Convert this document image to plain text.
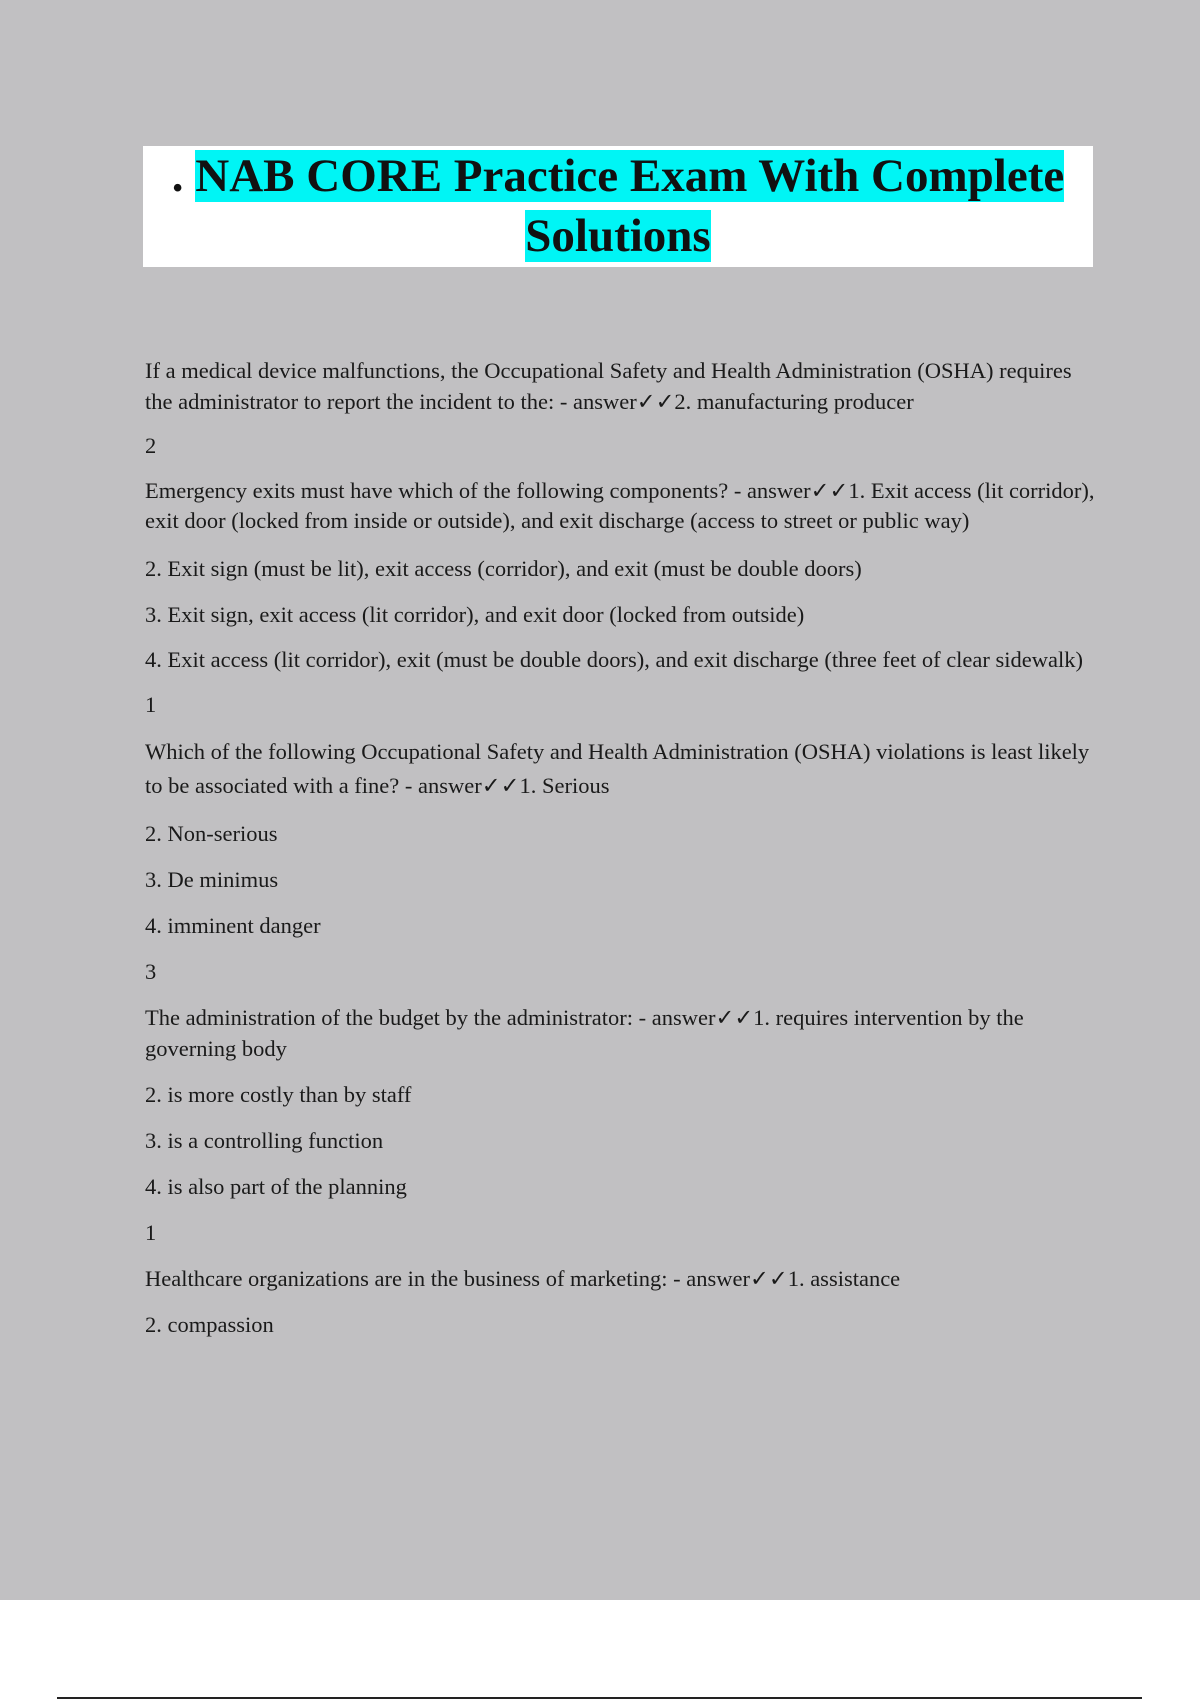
. NAB CORE Practice Exam With Complete
Solutions

If a medical device malfunctions, the Occupational Safety and Health Administration (OSHA) requires the administrator to report the incident to the: - answer✓✓2. manufacturing producer

2

Emergency exits must have which of the following components? - answer✓✓1. Exit access (lit corridor), exit door (locked from inside or outside), and exit discharge (access to street or public way)

2. Exit sign (must be lit), exit access (corridor), and exit (must be double doors)

3. Exit sign, exit access (lit corridor), and exit door (locked from outside)

4. Exit access (lit corridor), exit (must be double doors), and exit discharge (three feet of clear sidewalk)

1

Which of the following Occupational Safety and Health Administration (OSHA) violations is least likely to be associated with a fine? - answer✓✓1. Serious

2. Non-serious

3. De minimus

4. imminent danger

3

The administration of the budget by the administrator: - answer✓✓1. requires intervention by the governing body

2. is more costly than by staff

3. is a controlling function

4. is also part of the planning

1

Healthcare organizations are in the business of marketing: - answer✓✓1. assistance

2. compassion
